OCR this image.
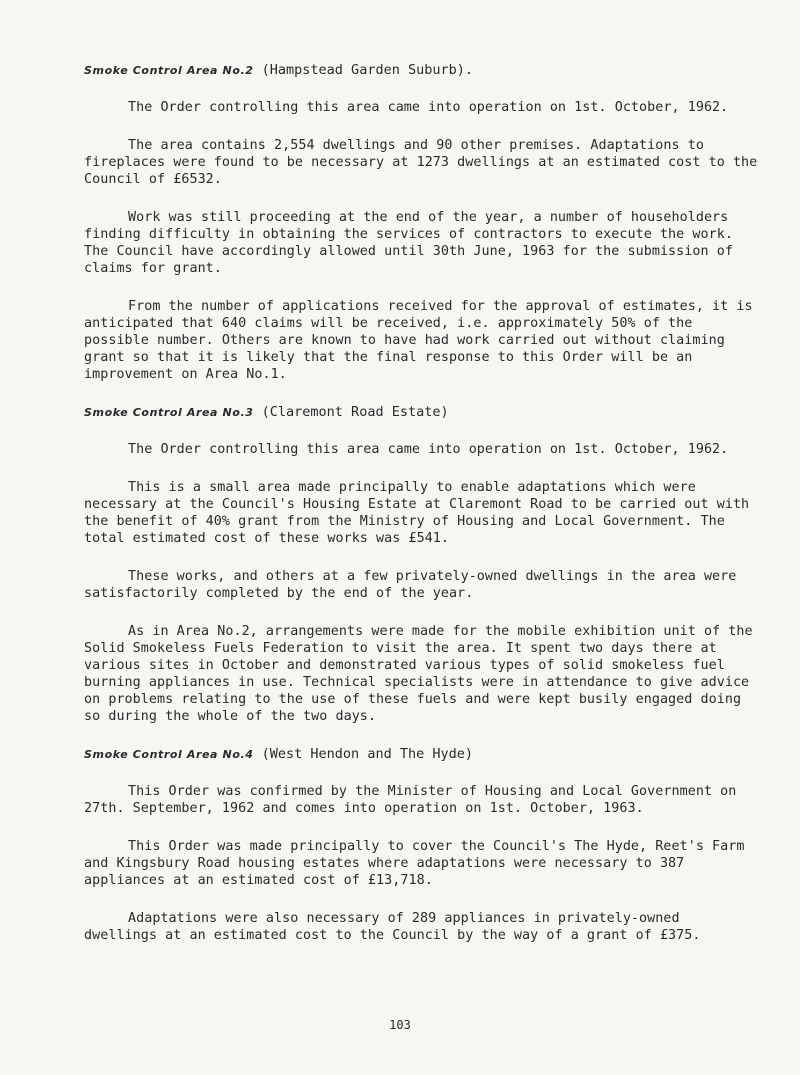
Smoke Control Area No.2 (Hampstead Garden Suburb).

The Order controlling this area came into operation on 1st. October, 1962.

The area contains 2,554 dwellings and 90 other premises. Adaptations to fireplaces were found to be necessary at 1273 dwellings at an estimated cost to the Council of £6532.

Work was still proceeding at the end of the year, a number of householders finding difficulty in obtaining the services of contractors to execute the work. The Council have accordingly allowed until 30th June, 1963 for the submission of claims for grant.

From the number of applications received for the approval of estimates, it is anticipated that 640 claims will be received, i.e. approximately 50% of the possible number. Others are known to have had work carried out without claiming grant so that it is likely that the final response to this Order will be an improvement on Area No.1.

Smoke Control Area No.3 (Claremont Road Estate)

The Order controlling this area came into operation on 1st. October, 1962.

This is a small area made principally to enable adaptations which were necessary at the Council's Housing Estate at Claremont Road to be carried out with the benefit of 40% grant from the Ministry of Housing and Local Government. The total estimated cost of these works was £541.

These works, and others at a few privately-owned dwellings in the area were satisfactorily completed by the end of the year.

As in Area No.2, arrangements were made for the mobile exhibition unit of the Solid Smokeless Fuels Federation to visit the area. It spent two days there at various sites in October and demonstrated various types of solid smokeless fuel burning appliances in use. Technical specialists were in attendance to give advice on problems relating to the use of these fuels and were kept busily engaged doing so during the whole of the two days.

Smoke Control Area No.4 (West Hendon and The Hyde)

This Order was confirmed by the Minister of Housing and Local Government on 27th. September, 1962 and comes into operation on 1st. October, 1963.

This Order was made principally to cover the Council's The Hyde, Reet's Farm and Kingsbury Road housing estates where adaptations were necessary to 387 appliances at an estimated cost of £13,718.

Adaptations were also necessary of 289 appliances in privately-owned dwellings at an estimated cost to the Council by the way of a grant of £375.

103
